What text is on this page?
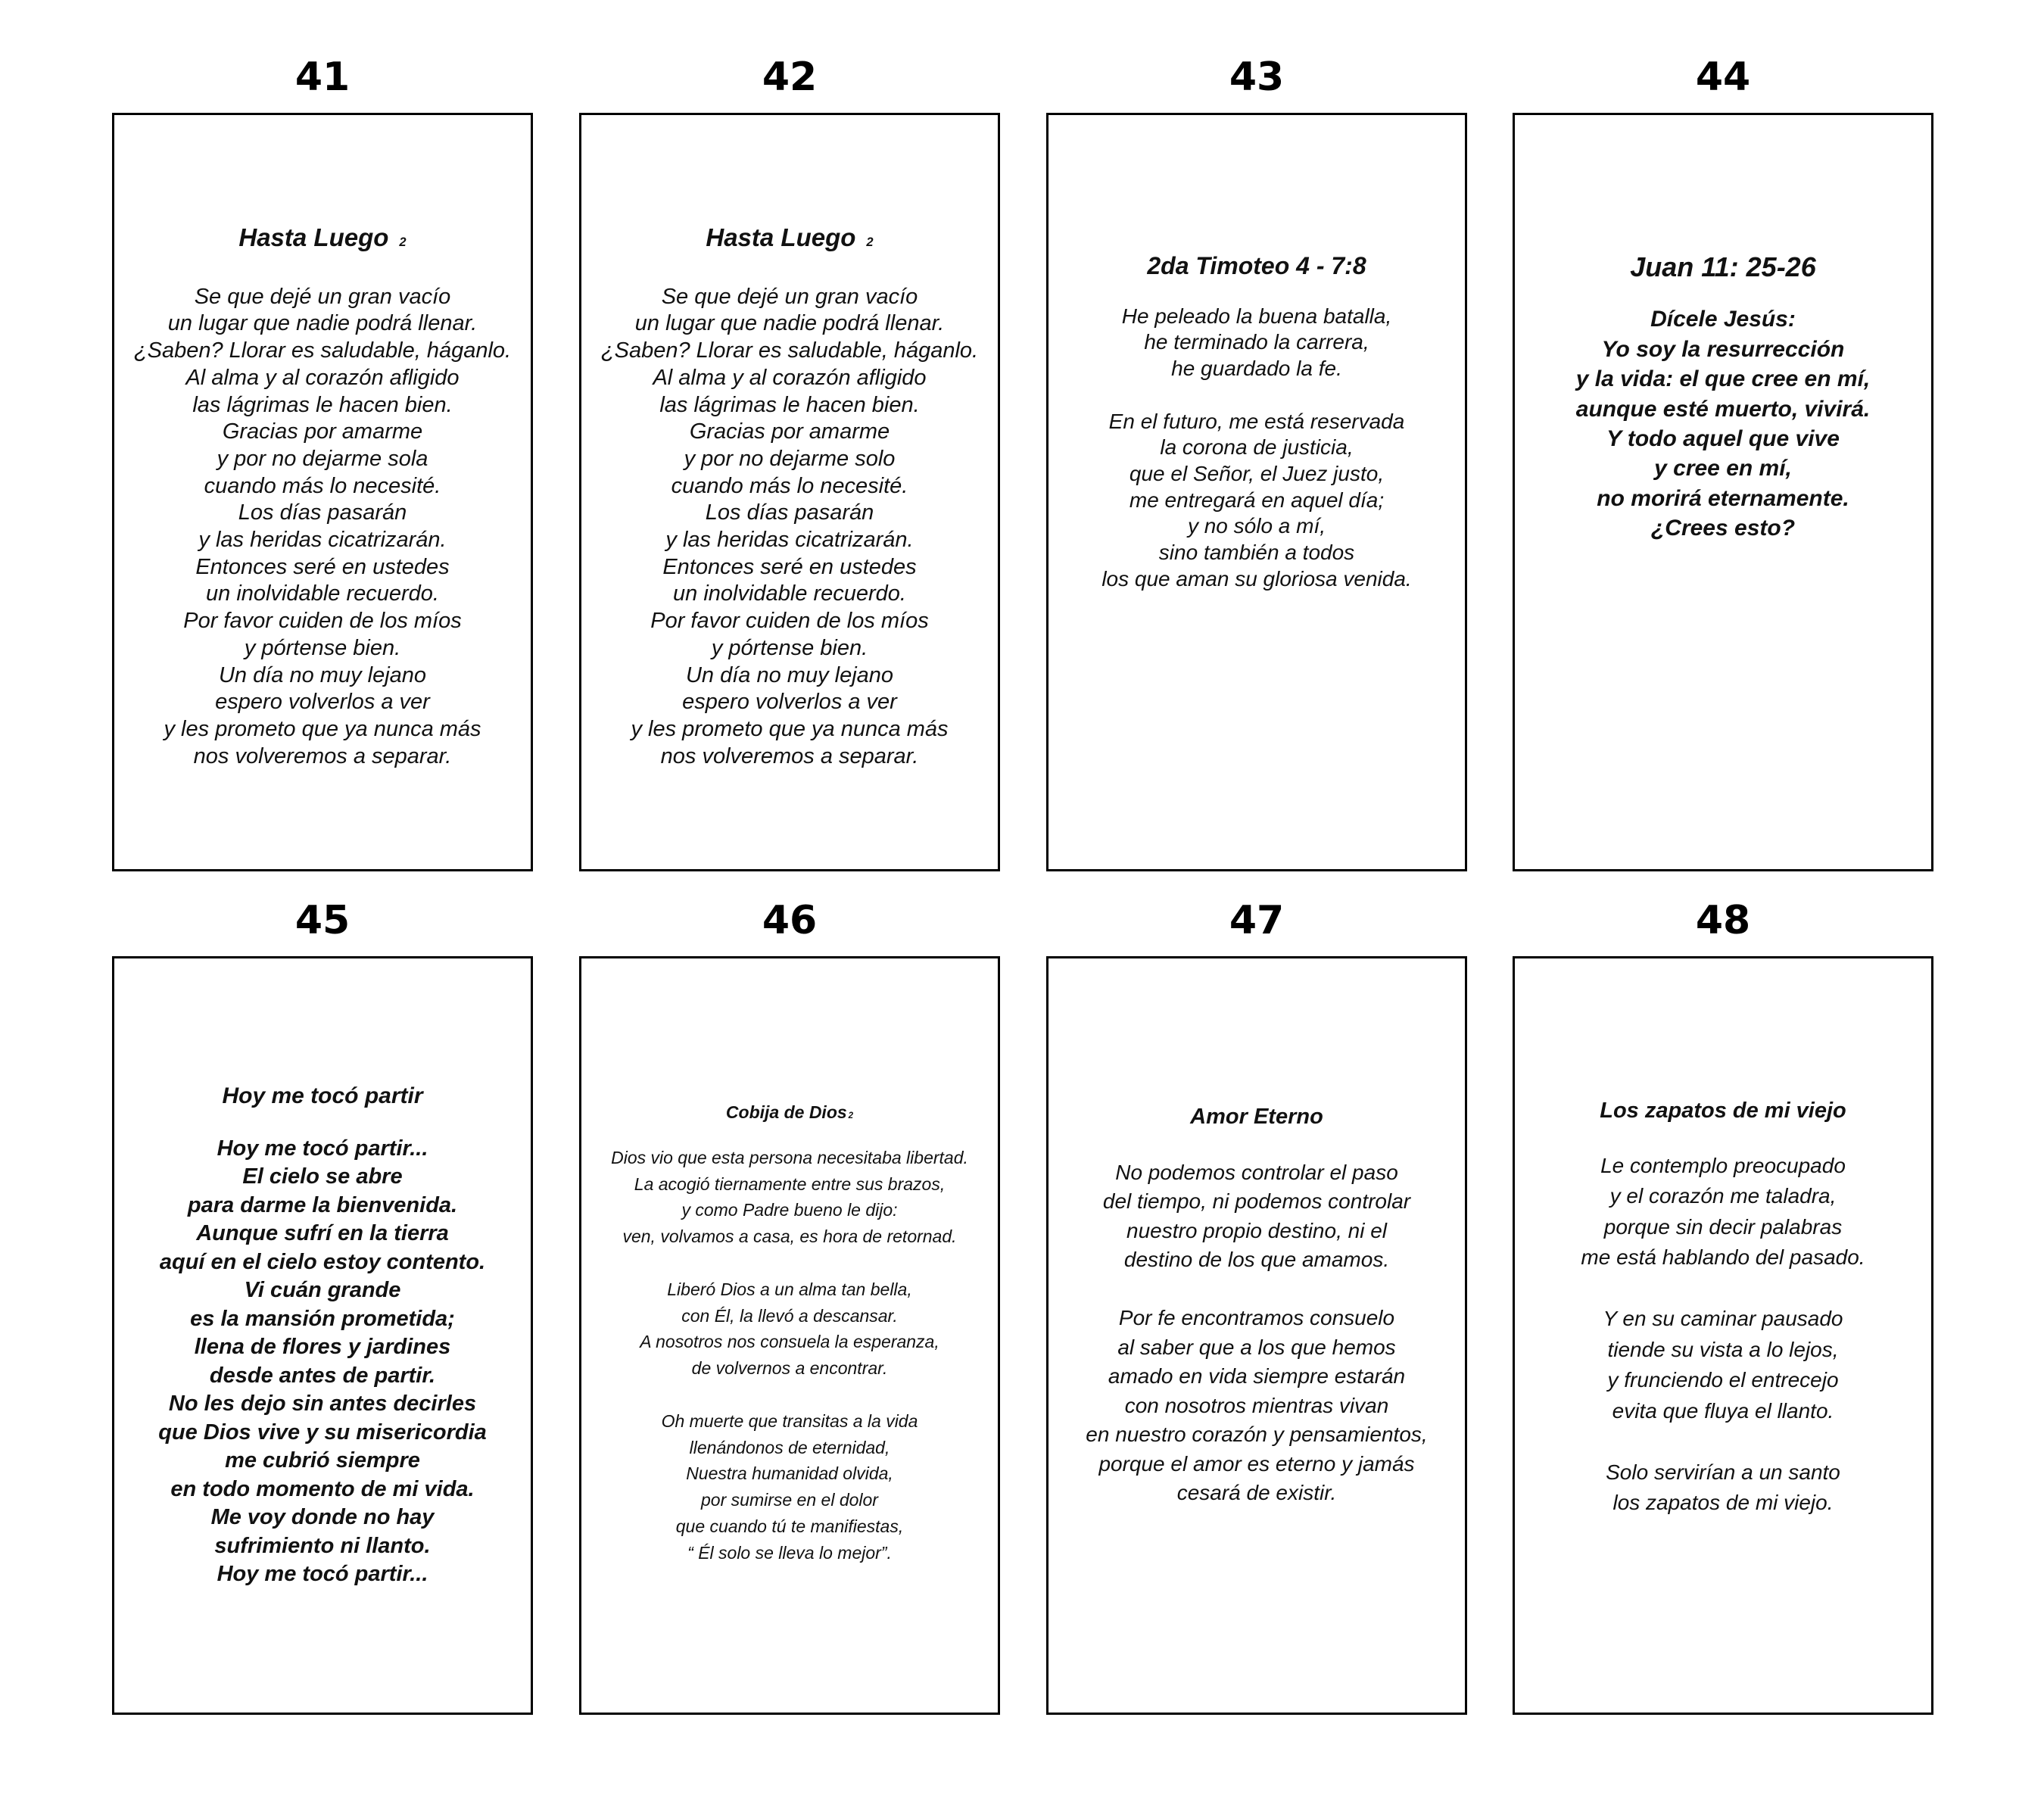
41
Hasta Luego 2
Se que dejé un gran vacío
un lugar que nadie podrá llenar.
¿Saben? Llorar es saludable, háganlo.
Al alma y al corazón afligido
las lágrimas le hacen bien.
Gracias por amarme
y por no dejarme sola
cuando más lo necesité.
Los días pasarán
y las heridas cicatrizarán.
Entonces seré en ustedes
un inolvidable recuerdo.
Por favor cuiden de los míos
y pórtense bien.
Un día no muy lejano
espero volverlos a ver
y les prometo que ya nunca más
nos volveremos a separar.
42
Hasta Luego 2
Se que dejé un gran vacío
un lugar que nadie podrá llenar.
¿Saben? Llorar es saludable, háganlo.
Al alma y al corazón afligido
las lágrimas le hacen bien.
Gracias por amarme
y por no dejarme solo
cuando más lo necesité.
Los días pasarán
y las heridas cicatrizarán.
Entonces seré en ustedes
un inolvidable recuerdo.
Por favor cuiden de los míos
y pórtense bien.
Un día no muy lejano
espero volverlos a ver
y les prometo que ya nunca más
nos volveremos a separar.
43
2da Timoteo 4 - 7:8
He peleado la buena batalla,
he terminado la carrera,
he guardado la fe.
En el futuro, me está reservada
la corona de justicia,
que el Señor, el Juez justo,
me entregará en aquel día;
y no sólo a mí,
sino también a todos
los que aman su gloriosa venida.
44
Juan 11: 25-26
Dícele Jesús:
Yo soy la resurrección
y la vida: el que cree en mí,
aunque esté muerto, vivirá.
Y todo aquel que vive
y cree en mí,
no morirá eternamente.
¿Crees esto?
45
Hoy me tocó partir
Hoy me tocó partir...
El cielo se abre
para darme la bienvenida.
Aunque sufrí en la tierra
aquí en el cielo estoy contento.
Vi cuán grande
es la mansión prometida;
llena de flores y jardines
desde antes de partir.
No les dejo sin antes decirles
que Dios vive y su misericordia
me cubrió siempre
en todo momento de mi vida.
Me voy donde no hay
sufrimiento ni llanto.
Hoy me tocó partir...
46
Cobija de Dios 2
Dios vio que esta persona necesitaba libertad.
La acogió tiernamente entre sus brazos,
y como Padre bueno le dijo:
ven, volvamos a casa, es hora de retornad.
Liberó Dios a un alma tan bella,
con Él, la llevó a descansar.
A nosotros nos consuela la esperanza,
de volvernos a encontrar.
Oh muerte que transitas a la vida
llenándonos de eternidad,
Nuestra humanidad olvida,
por sumirse en el dolor
que cuando tú te manifiestas,
“ Él solo se lleva lo mejor”.
47
Amor Eterno
No podemos controlar el paso
del tiempo, ni podemos controlar
nuestro propio destino, ni el
destino de los que amamos.
Por fe encontramos consuelo
al saber que a los que hemos
amado en vida siempre estarán
con nosotros mientras vivan
en nuestro corazón y pensamientos,
porque el amor es eterno y jamás
cesará de existir.
48
Los zapatos de mi viejo
Le contemplo preocupado
y el corazón me taladra,
porque sin decir palabras
me está hablando del pasado.
Y en su caminar pausado
tiende su vista a lo lejos,
y frunciendo el entrecejo
evita que fluya el llanto.
Solo servirían a un santo
los zapatos de mi viejo.
